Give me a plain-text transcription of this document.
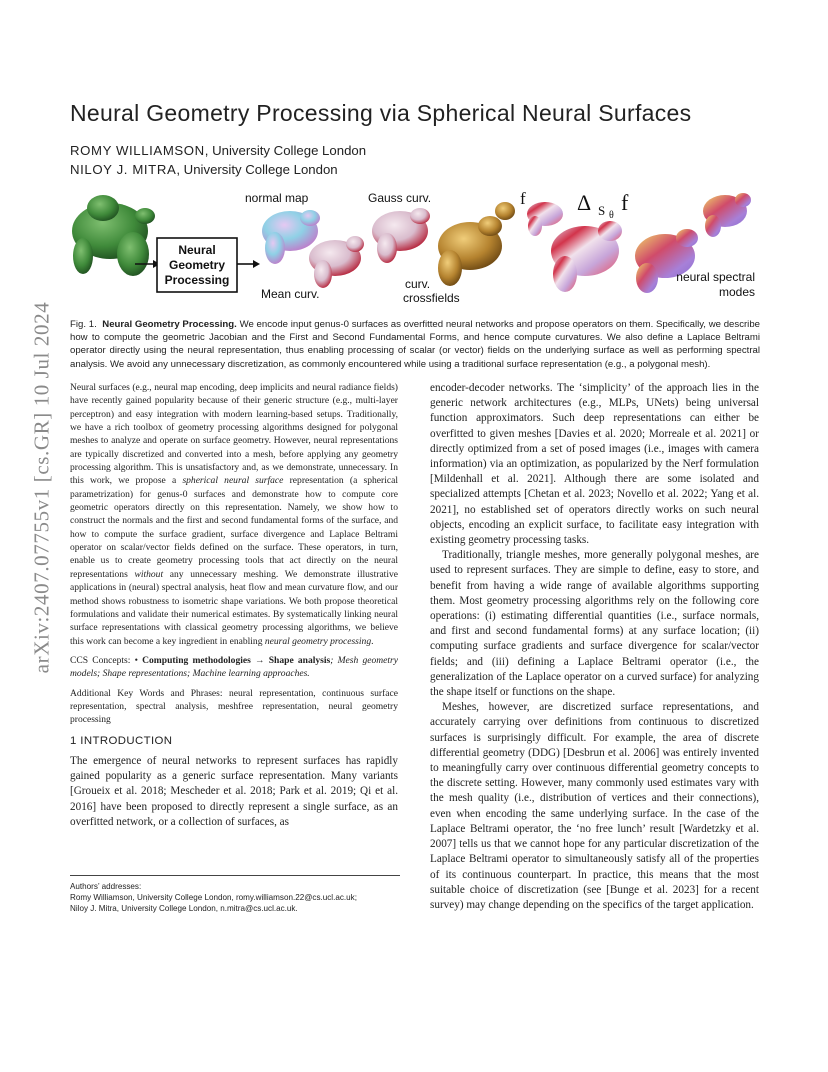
arXiv:2407.07755v1 [cs.GR] 10 Jul 2024
Neural Geometry Processing via Spherical Neural Surfaces
ROMY WILLIAMSON, University College London
NILOY J. MITRA, University College London
Neural
Geometry
Processing
normal map
Mean curv.
Gauss curv.
curv.
crossfields
f Δ S θ
f
neural spectral
modes
Fig. 1. Neural Geometry Processing. We encode input genus-0 surfaces as overfitted neural networks and propose operators on them. Specifically, we describe how to compute the geometric Jacobian and the First and Second Fundamental Forms, and hence compute curvatures. We also define a Laplace Beltrami operator directly using the neural representation, thus enabling processing of scalar (or vector) fields on the underlying surface as well as performing spectral analysis. We avoid any unnecessary discretization, as commonly encountered while using a traditional surface representation (e.g., a polygonal mesh).

Neural surfaces (e.g., neural map encoding, deep implicits and neural radiance fields) have recently gained popularity because of their generic structure (e.g., multi-layer perceptron) and easy integration with modern learning-based setups. Traditionally, we have a rich toolbox of geometry processing algorithms designed for polygonal meshes to analyze and operate on surface geometry. However, neural representations are typically discretized and converted into a mesh, before applying any geometry processing algorithm. This is unsatisfactory and, as we demonstrate, unnecessary. In this work, we propose a spherical neural surface representation (a spherical parametrization) for genus-0 surfaces and demonstrate how to compute core geometric operators directly on this representation. Namely, we show how to construct the normals and the first and second fundamental forms of the surface, and how to compute the surface gradient, surface divergence and Laplace Beltrami operator on scalar/vector fields defined on the surface. These operators, in turn, enable us to create geometry processing tools that act directly on the neural representations without any unnecessary meshing. We demonstrate illustrative applications in (neural) spectral analysis, heat flow and mean curvature flow, and our method shows robustness to isometric shape variations. We both propose theoretical formulations and validate their numerical estimates. By systematically linking neural surface representations with classical geometry processing algorithms, we believe this work can become a key ingredient in enabling neural geometry processing.

CCS Concepts: • Computing methodologies → Shape analysis; Mesh geometry models; Shape representations; Machine learning approaches.

Additional Key Words and Phrases: neural representation, continuous surface representation, spectral analysis, meshfree representation, neural geometry processing

1 INTRODUCTION
The emergence of neural networks to represent surfaces has rapidly gained popularity as a generic surface representation. Many variants [Groueix et al. 2018; Mescheder et al. 2018; Park et al. 2019; Qi et al. 2016] have been proposed to directly represent a single surface, as an overfitted network, or a collection of surfaces, as
Authors’ addresses:
Romy Williamson, University College London, romy.williamson.22@cs.ucl.ac.uk;
Niloy J. Mitra, University College London, n.mitra@cs.ucl.ac.uk.

encoder-decoder networks. The ‘simplicity’ of the approach lies in the generic network architectures (e.g., MLPs, UNets) being universal function approximators. Such deep representations can either be overfitted to given meshes [Davies et al. 2020; Morreale et al. 2021] or directly optimized from a set of posed images (i.e., images with camera information) via an optimization, as popularized by the Nerf formulation [Mildenhall et al. 2021]. Although there are some isolated and specialized attempts [Chetan et al. 2023; Novello et al. 2022; Yang et al. 2021], no established set of operators directly works on such neural objects, encoding an explicit surface, to facilitate easy integration with existing geometry processing tasks.

Traditionally, triangle meshes, more generally polygonal meshes, are used to represent surfaces. They are simple to define, easy to store, and benefit from having a wide range of available algorithms supporting them. Most geometry processing algorithms rely on the following core operations: (i) estimating differential quantities (i.e., surface normals, and first and second fundamental forms) at any surface location; (ii) computing surface gradients and surface divergence for scalar/vector fields; and (iii) defining a Laplace Beltrami operator (i.e., the generalization of the Laplace operator on a curved surface) for analyzing the shape itself or functions on the shape.

Meshes, however, are discretized surface representations, and accurately carrying over definitions from continuous to discretized surfaces is surprisingly difficult. For example, the area of discrete differential geometry (DDG) [Desbrun et al. 2006] was entirely invented to meaningfully carry over continuous differential geometry concepts to the discrete setting. However, many commonly used estimates vary with the mesh quality (i.e., distribution of vertices and their connections), even when encoding the same underlying surface. In the case of the Laplace Beltrami operator, the ‘no free lunch’ result [Wardetzky et al. 2007] tells us that we cannot hope for any particular discretization of the Laplace Beltrami operator to simultaneously satisfy all of the properties of its continuous counterpart. In practice, this means that the most suitable choice of discretization (see [Bunge et al. 2023] for a recent survey) may change depending on the specifics of the target application.
